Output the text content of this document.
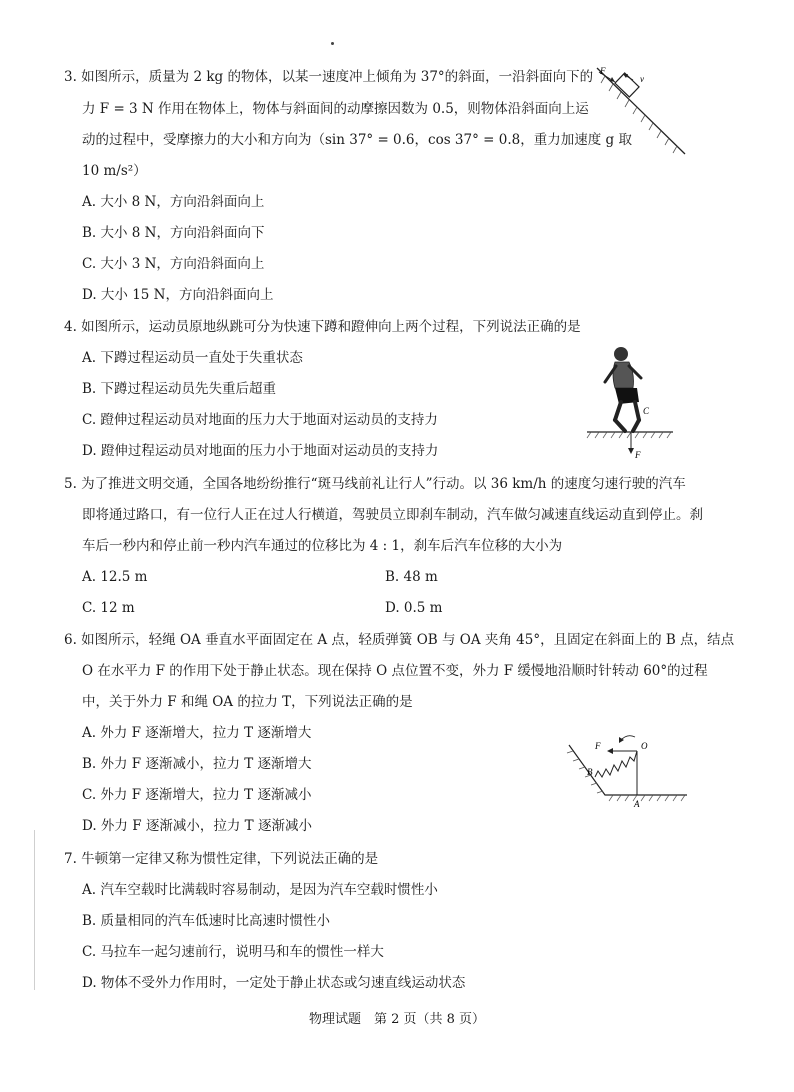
3. 如图所示，质量为 2 kg 的物体，以某一速度冲上倾角为 37°的斜面，一沿斜面向下的
力 F = 3 N 作用在物体上，物体与斜面间的动摩擦因数为 0.5，则物体沿斜面向上运
动的过程中，受摩擦力的大小和方向为（sin 37° = 0.6，cos 37° = 0.8，重力加速度 g 取
10 m/s²）
A. 大小 8 N，方向沿斜面向上
B. 大小 8 N，方向沿斜面向下
C. 大小 3 N，方向沿斜面向上
D. 大小 15 N，方向沿斜面向上
F
v
4. 如图所示，运动员原地纵跳可分为快速下蹲和蹬伸向上两个过程，下列说法正确的是
A. 下蹲过程运动员一直处于失重状态
B. 下蹲过程运动员先失重后超重
C. 蹬伸过程运动员对地面的压力大于地面对运动员的支持力
D. 蹬伸过程运动员对地面的压力小于地面对运动员的支持力
C
F
5. 为了推进文明交通，全国各地纷纷推行“斑马线前礼让行人”行动。以 36 km/h 的速度匀速行驶的汽车
即将通过路口，有一位行人正在过人行横道，驾驶员立即刹车制动，汽车做匀减速直线运动直到停止。刹
车后一秒内和停止前一秒内汽车通过的位移比为 4 : 1，刹车后汽车位移的大小为
A. 12.5 m	B. 48 m
C. 12 m	D. 0.5 m
6. 如图所示，轻绳 OA 垂直水平面固定在 A 点，轻质弹簧 OB 与 OA 夹角 45°，且固定在斜面上的 B 点，结点
O 在水平力 F 的作用下处于静止状态。现在保持 O 点位置不变，外力 F 缓慢地沿顺时针转动 60°的过程
中，关于外力 F 和绳 OA 的拉力 T，下列说法正确的是
A. 外力 F 逐渐增大，拉力 T 逐渐增大
B. 外力 F 逐渐减小，拉力 T 逐渐增大
C. 外力 F 逐渐增大，拉力 T 逐渐减小
D. 外力 F 逐渐减小，拉力 T 逐渐减小
F	O
B
A
7. 牛顿第一定律又称为惯性定律，下列说法正确的是
A. 汽车空载时比满载时容易制动，是因为汽车空载时惯性小
B. 质量相同的汽车低速时比高速时惯性小
C. 马拉车一起匀速前行，说明马和车的惯性一样大
D. 物体不受外力作用时，一定处于静止状态或匀速直线运动状态
物理试题　第 2 页（共 8 页）
